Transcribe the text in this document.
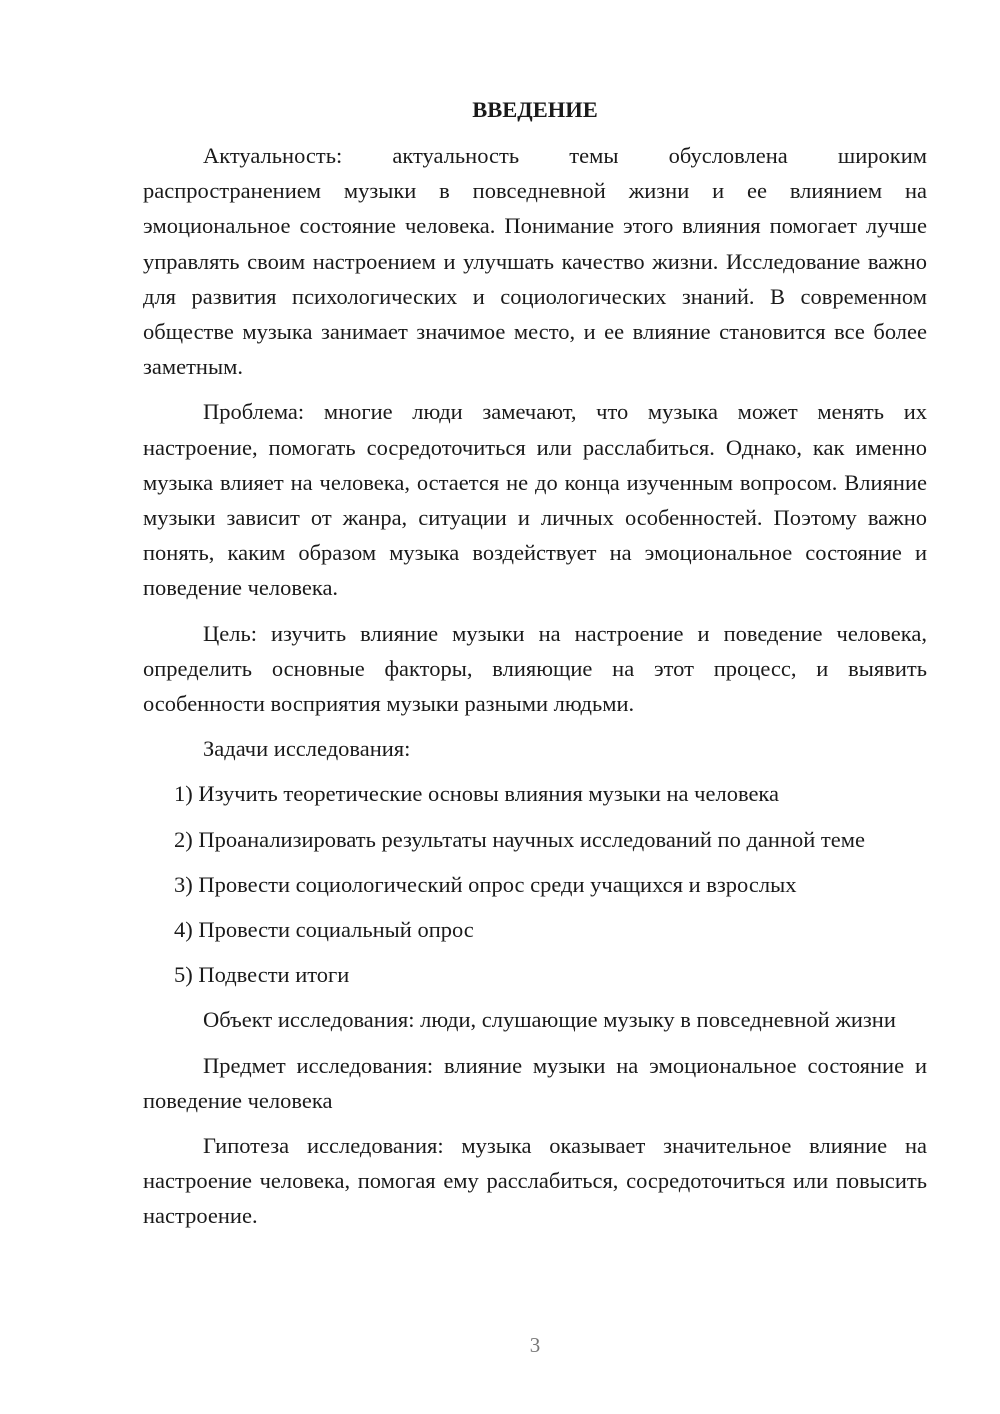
ВВЕДЕНИЕ

Актуальность: актуальность темы обусловлена широким распространением музыки в повседневной жизни и ее влиянием на эмоциональное состояние человека. Понимание этого влияния помогает лучше управлять своим настроением и улучшать качество жизни. Исследование важно для развития психологических и социологических знаний. В современном обществе музыка занимает значимое место, и ее влияние становится все более заметным.

Проблема: многие люди замечают, что музыка может менять их настроение, помогать сосредоточиться или расслабиться. Однако, как именно музыка влияет на человека, остается не до конца изученным вопросом. Влияние музыки зависит от жанра, ситуации и личных особенностей. Поэтому важно понять, каким образом музыка воздействует на эмоциональное состояние и поведение человека.

Цель: изучить влияние музыки на настроение и поведение человека, определить основные факторы, влияющие на этот процесс, и выявить особенности восприятия музыки разными людьми.

Задачи исследования:

1) Изучить теоретические основы влияния музыки на человека

2) Проанализировать результаты научных исследований по данной теме

3) Провести социологический опрос среди учащихся и взрослых

4) Провести социальный опрос

5) Подвести итоги

Объект исследования: люди, слушающие музыку в повседневной жизни

Предмет исследования: влияние музыки на эмоциональное состояние и поведение человека

Гипотеза исследования: музыка оказывает значительное влияние на настроение человека, помогая ему расслабиться, сосредоточиться или повысить настроение.

3
